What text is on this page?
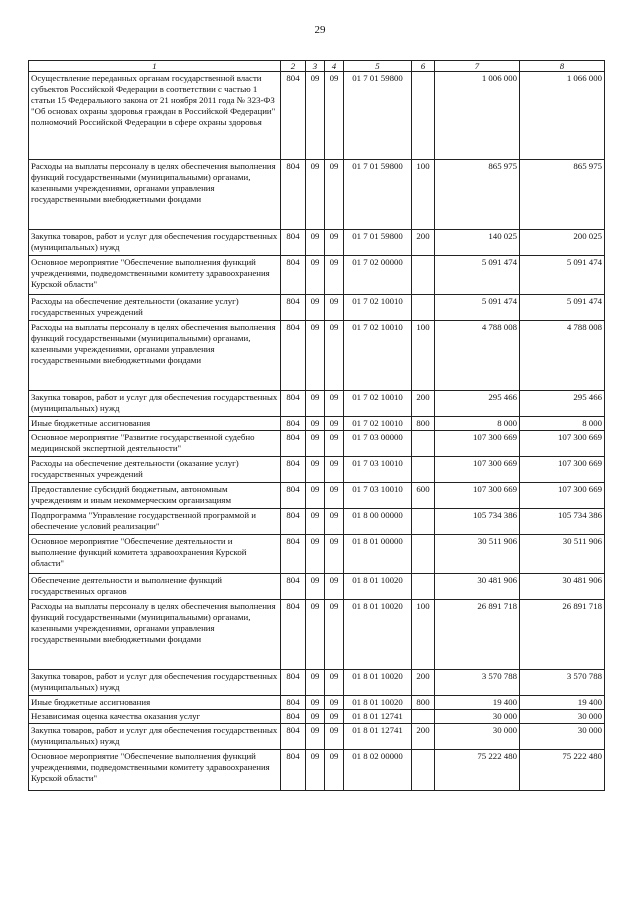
29
1	2	3	4	5	6	7	8
Осуществление переданных органам государственной власти субъектов Российской Федерации в соответствии с частью 1 статьи 15 Федерального закона от 21 ноября 2011 года № 323-ФЗ "Об основах охраны здоровья граждан в Российской Федерации" полномочий Российской Федерации в сфере охраны здоровья	804	09	09	01 7 01 59800		1 006 000	1 066 000
Расходы на выплаты персоналу в целях обеспечения выполнения функций государственными (муниципальными) органами, казенными учреждениями, органами управления государственными внебюджетными фондами	804	09	09	01 7 01 59800	100	865 975	865 975
Закупка товаров, работ и услуг для обеспечения государственных (муниципальных) нужд	804	09	09	01 7 01 59800	200	140 025	200 025
Основное мероприятие "Обеспечение выполнения функций учреждениями, подведомственными комитету здравоохранения Курской области"	804	09	09	01 7 02 00000		5 091 474	5 091 474
Расходы на обеспечение деятельности (оказание услуг) государственных учреждений	804	09	09	01 7 02 10010		5 091 474	5 091 474
Расходы на выплаты персоналу в целях обеспечения выполнения функций государственными (муниципальными) органами, казенными учреждениями, органами управления государственными внебюджетными фондами	804	09	09	01 7 02 10010	100	4 788 008	4 788 008
Закупка товаров, работ и услуг для обеспечения государственных (муниципальных) нужд	804	09	09	01 7 02 10010	200	295 466	295 466
Иные бюджетные ассигнования	804	09	09	01 7 02 10010	800	8 000	8 000
Основное мероприятие "Развитие государственной судебно медицинской экспертной деятельности"	804	09	09	01 7 03 00000		107 300 669	107 300 669
Расходы на обеспечение деятельности (оказание услуг) государственных учреждений	804	09	09	01 7 03 10010		107 300 669	107 300 669
Предоставление субсидий бюджетным, автономным учреждениям и иным некоммерческим организациям	804	09	09	01 7 03 10010	600	107 300 669	107 300 669
Подпрограмма "Управление государственной программой и обеспечение условий реализации"	804	09	09	01 8 00 00000		105 734 386	105 734 386
Основное мероприятие "Обеспечение деятельности и выполнение функций комитета здравоохранения Курской области"	804	09	09	01 8 01 00000		30 511 906	30 511 906
Обеспечение деятельности и выполнение функций государственных органов	804	09	09	01 8 01 10020		30 481 906	30 481 906
Расходы на выплаты персоналу в целях обеспечения выполнения функций государственными (муниципальными) органами, казенными учреждениями, органами управления государственными внебюджетными фондами	804	09	09	01 8 01 10020	100	26 891 718	26 891 718
Закупка товаров, работ и услуг для обеспечения государственных (муниципальных) нужд	804	09	09	01 8 01 10020	200	3 570 788	3 570 788
Иные бюджетные ассигнования	804	09	09	01 8 01 10020	800	19 400	19 400
Независимая оценка качества оказания услуг	804	09	09	01 8 01 12741		30 000	30 000
Закупка товаров, работ и услуг для обеспечения государственных (муниципальных) нужд	804	09	09	01 8 01 12741	200	30 000	30 000
Основное мероприятие "Обеспечение выполнения функций учреждениями, подведомственными комитету здравоохранения Курской области"	804	09	09	01 8 02 00000		75 222 480	75 222 480
